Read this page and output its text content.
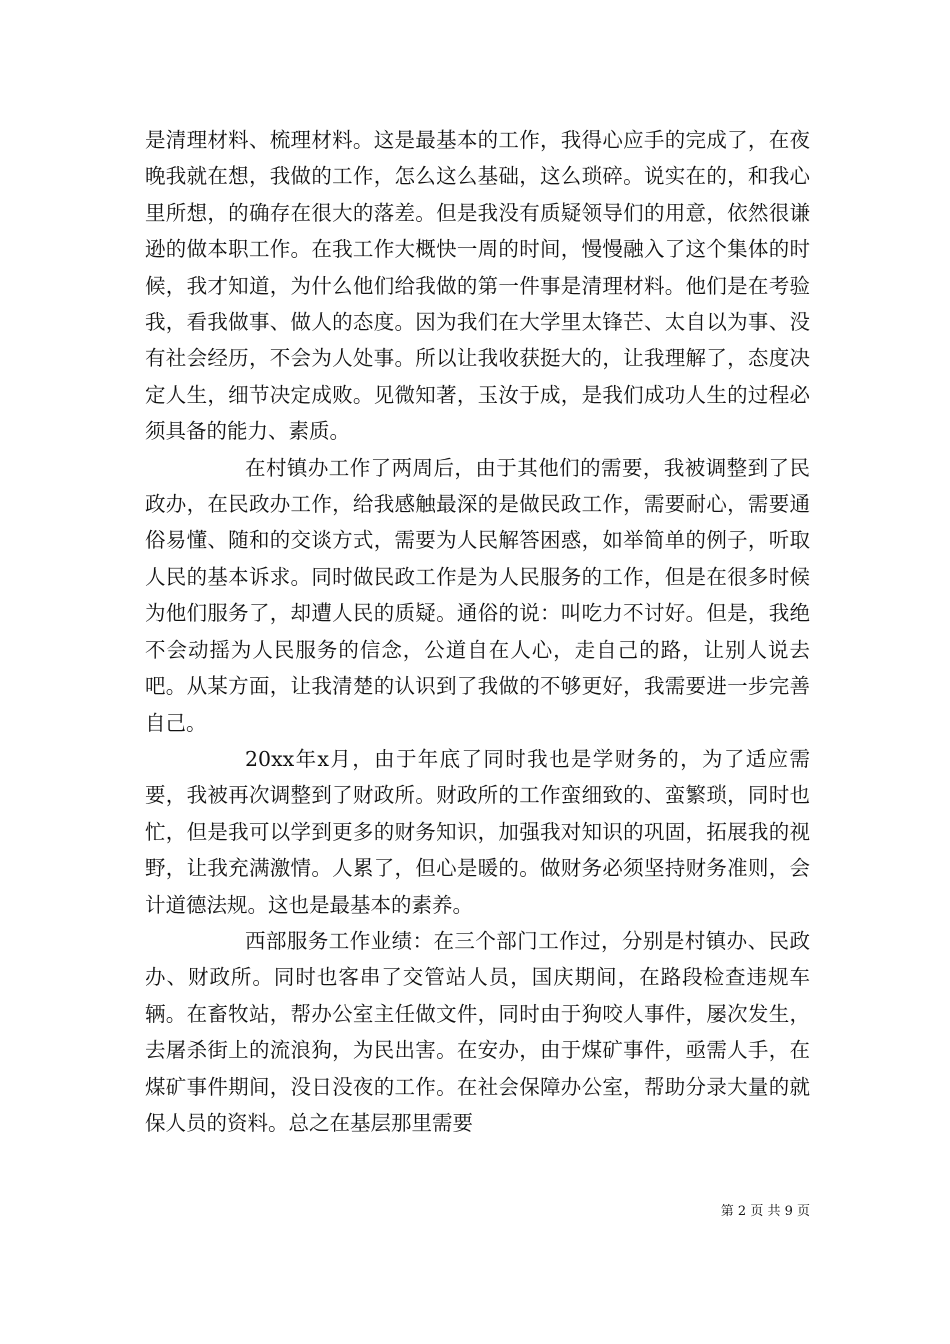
是清理材料、梳理材料。这是最基本的工作，我得心应手的完成了，在夜晚我就在想，我做的工作，怎么这么基础，这么琐碎。说实在的，和我心里所想，的确存在很大的落差。但是我没有质疑领导们的用意，依然很谦逊的做本职工作。在我工作大概快一周的时间，慢慢融入了这个集体的时候，我才知道，为什么他们给我做的第一件事是清理材料。他们是在考验我，看我做事、做人的态度。因为我们在大学里太锋芒、太自以为事、没有社会经历，不会为人处事。所以让我收获挺大的，让我理解了，态度决定人生，细节决定成败。见微知著，玉汝于成，是我们成功人生的过程必须具备的能力、素质。

在村镇办工作了两周后，由于其他们的需要，我被调整到了民政办，在民政办工作，给我感触最深的是做民政工作，需要耐心，需要通俗易懂、随和的交谈方式，需要为人民解答困惑，如举简单的例子，听取人民的基本诉求。同时做民政工作是为人民服务的工作，但是在很多时候为他们服务了，却遭人民的质疑。通俗的说：叫吃力不讨好。但是，我绝不会动摇为人民服务的信念，公道自在人心，走自己的路，让别人说去吧。从某方面，让我清楚的认识到了我做的不够更好，我需要进一步完善自己。

20xx年x月，由于年底了同时我也是学财务的，为了适应需要，我被再次调整到了财政所。财政所的工作蛮细致的、蛮繁琐，同时也忙，但是我可以学到更多的财务知识，加强我对知识的巩固，拓展我的视野，让我充满激情。人累了，但心是暖的。做财务必须坚持财务准则，会计道德法规。这也是最基本的素养。

西部服务工作业绩：在三个部门工作过，分别是村镇办、民政办、财政所。同时也客串了交管站人员，国庆期间，在路段检查违规车辆。在畜牧站，帮办公室主任做文件，同时由于狗咬人事件，屡次发生，去屠杀街上的流浪狗，为民出害。在安办，由于煤矿事件，亟需人手，在煤矿事件期间，没日没夜的工作。在社会保障办公室，帮助分录大量的就保人员的资料。总之在基层那里需要

第 2 页 共 9 页
